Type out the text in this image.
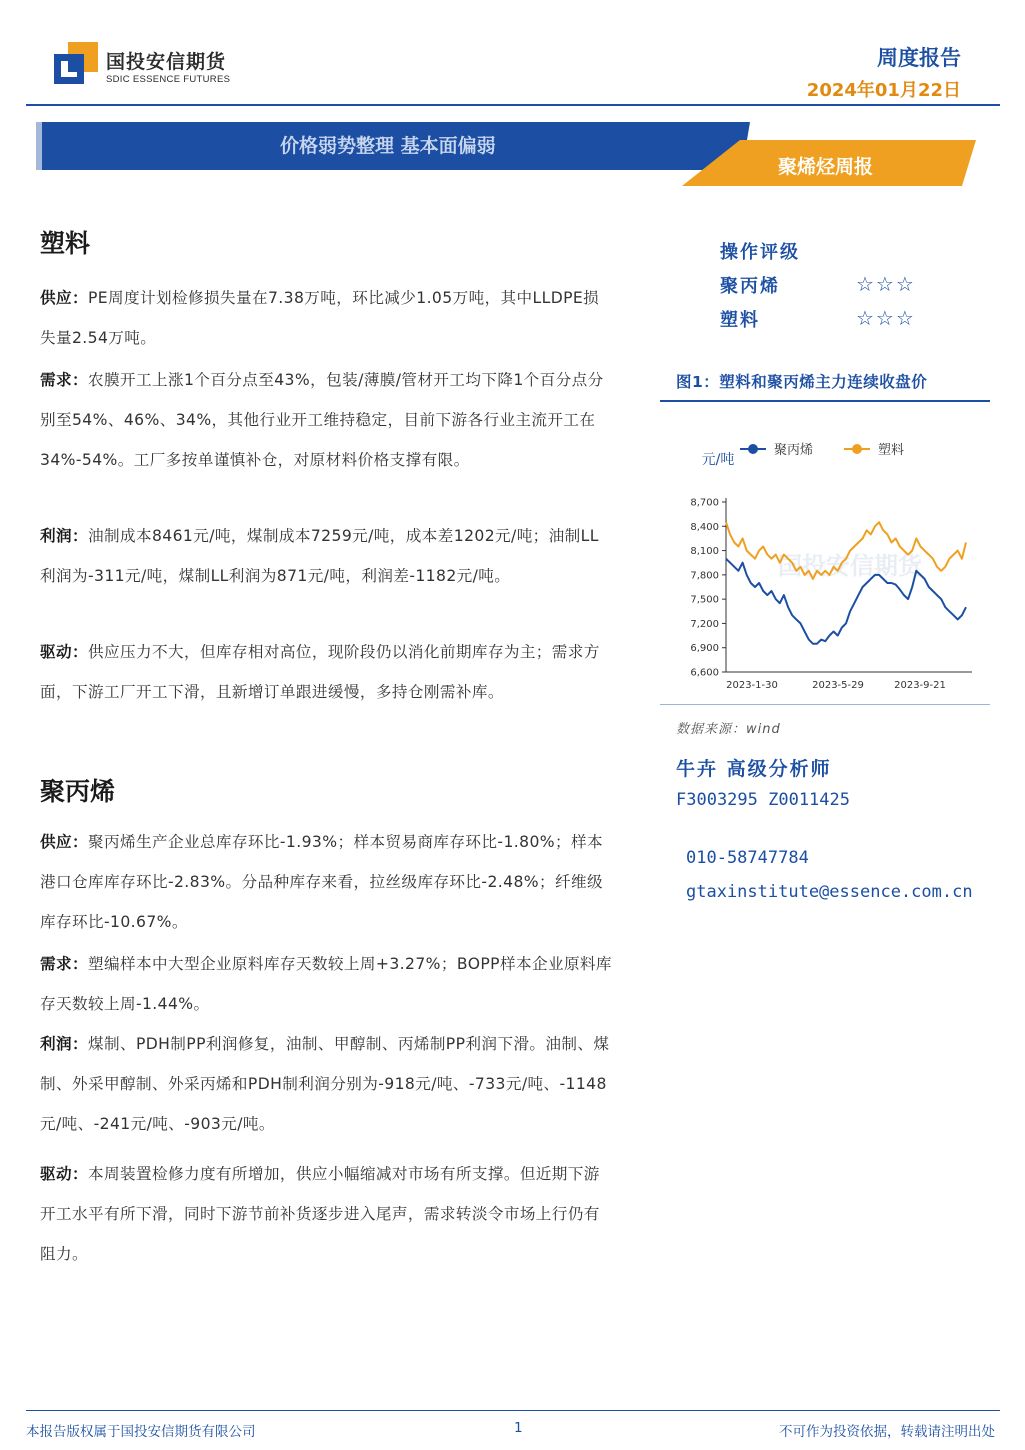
国投安信期货
SDIC ESSENCE FUTURES
周度报告
2024年01月22日
价格弱势整理 基本面偏弱
聚烯烃周报
塑料
供应：PE周度计划检修损失量在7.38万吨，环比减少1.05万吨，其中LLDPE损失量2.54万吨。
需求：农膜开工上涨1个百分点至43%，包装/薄膜/管材开工均下降1个百分点分别至54%、46%、34%，其他行业开工维持稳定，目前下游各行业主流开工在34%-54%。工厂多按单谨慎补仓，对原材料价格支撑有限。
利润：油制成本8461元/吨，煤制成本7259元/吨，成本差1202元/吨；油制LL利润为-311元/吨，煤制LL利润为871元/吨，利润差-1182元/吨。
驱动：供应压力不大，但库存相对高位，现阶段仍以消化前期库存为主；需求方面，下游工厂开工下滑，且新增订单跟进缓慢，多持仓刚需补库。
聚丙烯
供应：聚丙烯生产企业总库存环比-1.93%；样本贸易商库存环比-1.80%；样本港口仓库库存环比-2.83%。分品种库存来看，拉丝级库存环比-2.48%；纤维级库存环比-10.67%。
需求：塑编样本中大型企业原料库存天数较上周+3.27%；BOPP样本企业原料库存天数较上周-1.44%。
利润：煤制、PDH制PP利润修复，油制、甲醇制、丙烯制PP利润下滑。油制、煤制、外采甲醇制、外采丙烯和PDH制利润分别为-918元/吨、-733元/吨、-1148元/吨、-241元/吨、-903元/吨。
驱动：本周装置检修力度有所增加，供应小幅缩减对市场有所支撑。但近期下游开工水平有所下滑，同时下游节前补货逐步进入尾声，需求转淡令市场上行仍有阻力。
操作评级
聚丙烯	☆☆☆
塑料	☆☆☆
图1：塑料和聚丙烯主力连续收盘价
国投安信期货
元/吨
8,700
8,400
8,100
7,800
7,500
7,200
6,900
6,600
2023-1-30	2023-5-29	2023-9-21
聚丙烯	塑料
数据来源：wind
牛卉 高级分析师
F3003295 Z0011425
010-58747784
gtaxinstitute@essence.com.cn
本报告版权属于国投安信期货有限公司	1	不可作为投资依据，转载请注明出处
